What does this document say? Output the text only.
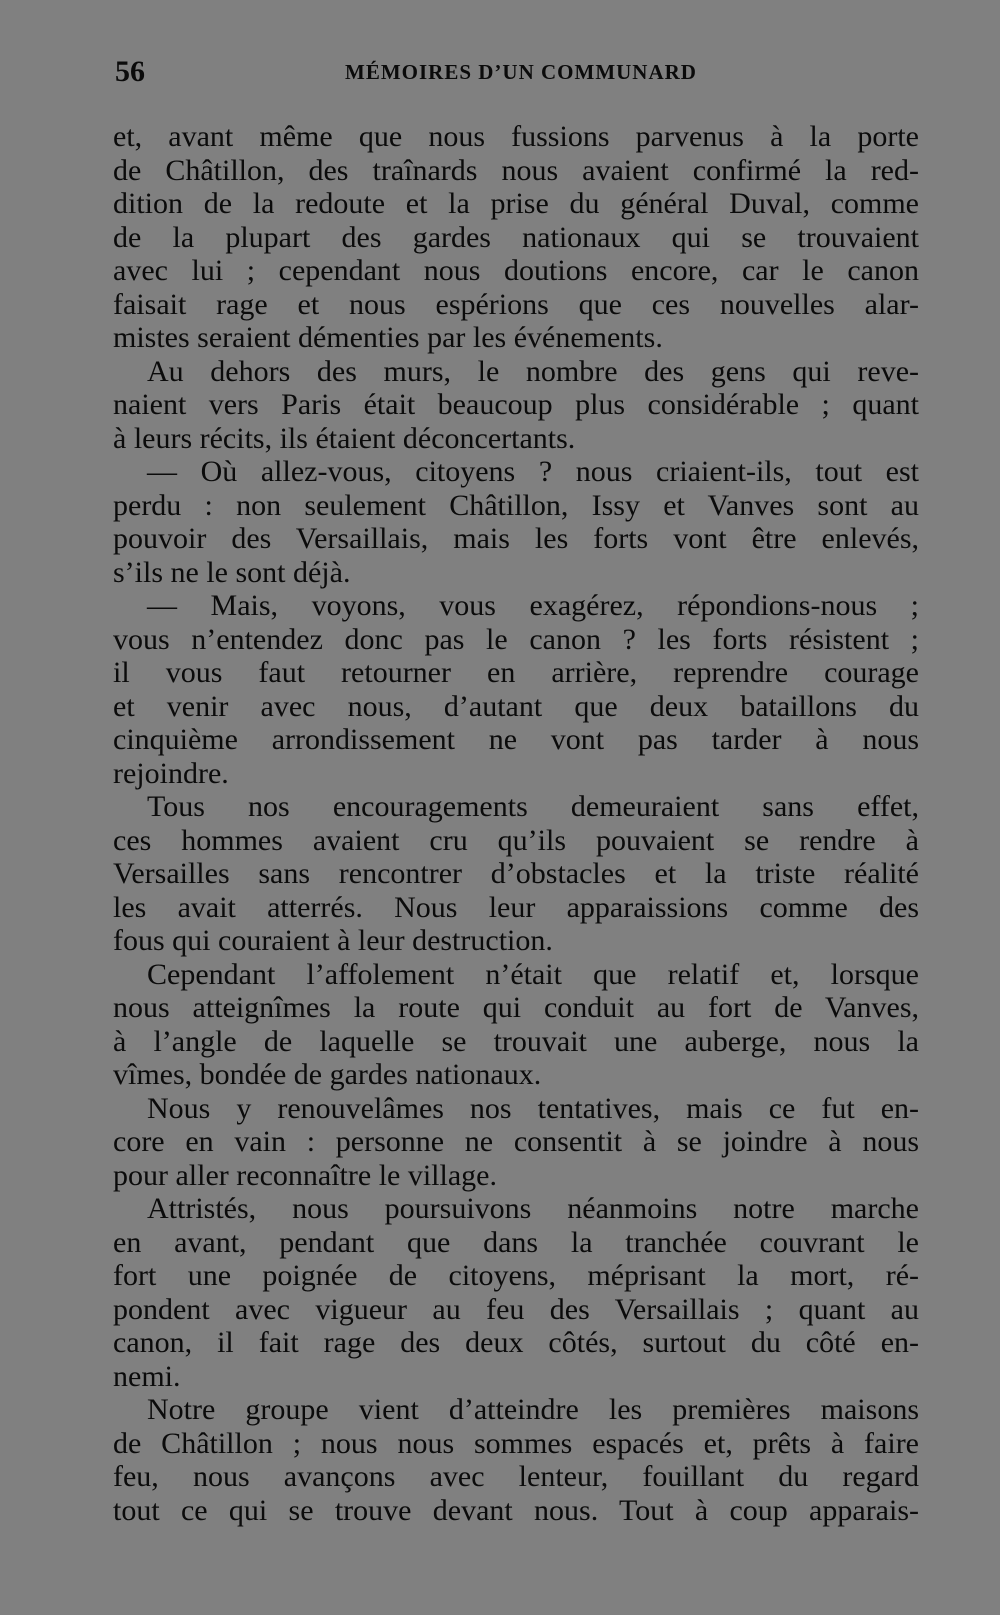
56	MÉMOIRES D’UN COMMUNARD
et, avant même que nous fussions parvenus à la porte
de Châtillon, des traînards nous avaient confirmé la red-
dition de la redoute et la prise du général Duval, comme
de la plupart des gardes nationaux qui se trouvaient
avec lui ; cependant nous doutions encore, car le canon
faisait rage et nous espérions que ces nouvelles alar-
mistes seraient démenties par les événements.
Au dehors des murs, le nombre des gens qui reve-
naient vers Paris était beaucoup plus considérable ; quant
à leurs récits, ils étaient déconcertants.
— Où allez-vous, citoyens ? nous criaient-ils, tout est
perdu : non seulement Châtillon, Issy et Vanves sont au
pouvoir des Versaillais, mais les forts vont être enlevés,
s’ils ne le sont déjà.
— Mais, voyons, vous exagérez, répondions-nous ;
vous n’entendez donc pas le canon ? les forts résistent ;
il vous faut retourner en arrière, reprendre courage
et venir avec nous, d’autant que deux bataillons du
cinquième arrondissement ne vont pas tarder à nous
rejoindre.
Tous nos encouragements demeuraient sans effet,
ces hommes avaient cru qu’ils pouvaient se rendre à
Versailles sans rencontrer d’obstacles et la triste réalité
les avait atterrés. Nous leur apparaissions comme des
fous qui couraient à leur destruction.
Cependant l’affolement n’était que relatif et, lorsque
nous atteignîmes la route qui conduit au fort de Vanves,
à l’angle de laquelle se trouvait une auberge, nous la
vîmes, bondée de gardes nationaux.
Nous y renouvelâmes nos tentatives, mais ce fut en-
core en vain : personne ne consentit à se joindre à nous
pour aller reconnaître le village.
Attristés, nous poursuivons néanmoins notre marche
en avant, pendant que dans la tranchée couvrant le
fort une poignée de citoyens, méprisant la mort, ré-
pondent avec vigueur au feu des Versaillais ; quant au
canon, il fait rage des deux côtés, surtout du côté en-
nemi.
Notre groupe vient d’atteindre les premières maisons
de Châtillon ; nous nous sommes espacés et, prêts à faire
feu, nous avançons avec lenteur, fouillant du regard
tout ce qui se trouve devant nous. Tout à coup apparais-
